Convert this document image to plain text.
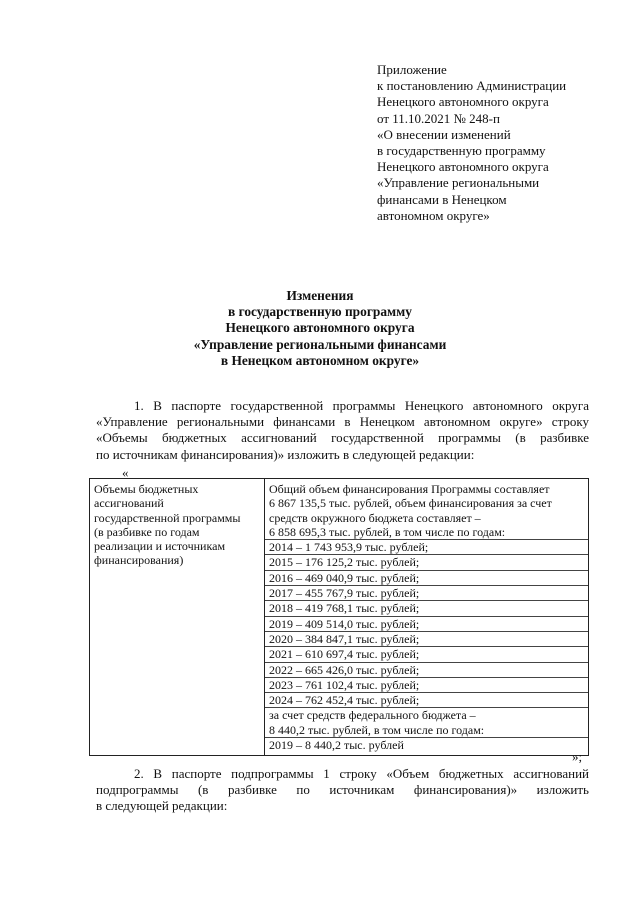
Приложение
к постановлению Администрации
Ненецкого автономного округа
от 11.10.2021 № 248-п
«О внесении изменений
в государственную программу
Ненецкого автономного округа
«Управление региональными
финансами в Ненецком
автономном округе»
Изменения
в государственную программу
Ненецкого автономного округа
«Управление региональными финансами
в Ненецком автономном округе»
1. В паспорте государственной программы Ненецкого автономного округа
«Управление региональными финансами в Ненецком автономном округе» строку
«Объемы бюджетных ассигнований государственной программы (в разбивке
по источникам финансирования)» изложить в следующей редакции:
«
Объемы бюджетных
ассигнований
государственной программы
(в разбивке по годам
реализации и источникам
финансирования)

Общий объем финансирования Программы составляет
6 867 135,5 тыс. рублей, объем финансирования за счет
средств окружного бюджета составляет –
6 858 695,3 тыс. рублей, в том числе по годам:
2014 – 1 743 953,9 тыс. рублей;
2015 – 176 125,2 тыс. рублей;
2016 – 469 040,9 тыс. рублей;
2017 – 455 767,9 тыс. рублей;
2018 – 419 768,1 тыс. рублей;
2019 – 409 514,0 тыс. рублей;
2020 – 384 847,1 тыс. рублей;
2021 – 610 697,4 тыс. рублей;
2022 – 665 426,0 тыс. рублей;
2023 – 761 102,4 тыс. рублей;
2024 – 762 452,4 тыс. рублей;
за счет средств федерального бюджета –
8 440,2 тыс. рублей, в том числе по годам:
2019 – 8 440,2 тыс. рублей
»;
2. В паспорте подпрограммы 1 строку «Объем бюджетных ассигнований
подпрограммы (в разбивке по источникам финансирования)» изложить
в следующей редакции:
